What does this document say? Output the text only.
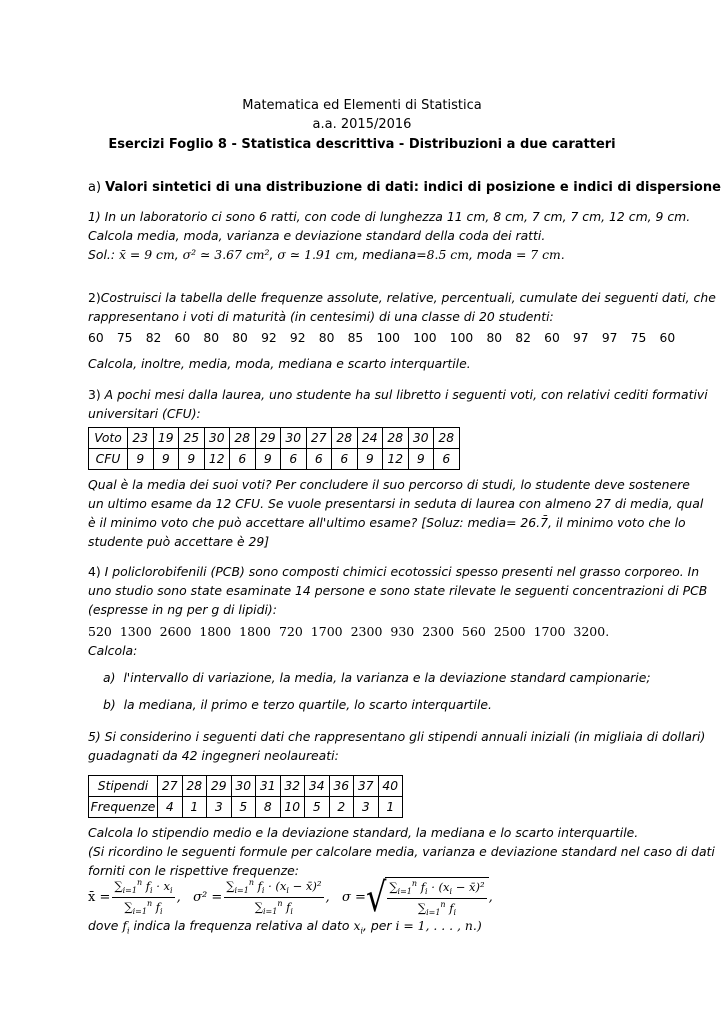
Matematica ed Elementi di Statistica
a.a. 2015/2016
Esercizi Foglio 8 - Statistica descrittiva - Distribuzioni a due caratteri
a) Valori sintetici di una distribuzione di dati: indici di posizione e indici di dispersione
1) In un laboratorio ci sono 6 ratti, con code di lunghezza 11 cm, 8 cm, 7 cm, 7 cm, 12 cm, 9 cm.
Calcola media, moda, varianza e deviazione standard della coda dei ratti.
Sol.: x̄ = 9 cm, σ² ≃ 3.67 cm², σ ≃ 1.91 cm, mediana=8.5 cm, moda = 7 cm.
2)Costruisci la tabella delle frequenze assolute, relative, percentuali, cumulate dei seguenti dati, che
rappresentano i voti di maturità (in centesimi) di una classe di 20 studenti:
60 75 82 60 80 80 92 92 80 85 100 100 100 80 82 60 97 97 75 60
Calcola, inoltre, media, moda, mediana e scarto interquartile.
3) A pochi mesi dalla laurea, uno studente ha sul libretto i seguenti voti, con relativi cediti formativi
universitari (CFU):
Voto	23	19	25	30	28	29	30	27	28	24	28	30	28
CFU	9	9	9	12	6	9	6	6	6	9	12	9	6
Qual è la media dei suoi voti? Per concludere il suo percorso di studi, lo studente deve sostenere
un ultimo esame da 12 CFU. Se vuole presentarsi in seduta di laurea con almeno 27 di media, qual
è il minimo voto che può accettare all'ultimo esame? [Soluz: media= 26.7̄, il minimo voto che lo
studente può accettare è 29]
4) I policlorobifenili (PCB) sono composti chimici ecotossici spesso presenti nel grasso corporeo. In
uno studio sono state esaminate 14 persone e sono state rilevate le seguenti concentrazioni di PCB
(espresse in ng per g di lipidi):
520 1300 2600 1800 1800 720 1700 2300 930 2300 560 2500 1700 3200.
Calcola:
a) l'intervallo di variazione, la media, la varianza e la deviazione standard campionarie;
b) la mediana, il primo e terzo quartile, lo scarto interquartile.
5) Si considerino i seguenti dati che rappresentano gli stipendi annuali iniziali (in migliaia di dollari)
guadagnati da 42 ingegneri neolaureati:
Stipendi	27	28	29	30	31	32	34	36	37	40
Frequenze	4	1	3	5	8	10	5	2	3	1
Calcola lo stipendio medio e la deviazione standard, la mediana e lo scarto interquartile.
(Si ricordino le seguenti formule per calcolare media, varianza e deviazione standard nel caso di dati
forniti con le rispettive frequenze:
x̄ = $\frac{\sum_{i=1}^n f_i \cdot x_i}{\sum_{i=1}^n f_i}$ ,   $\sigma^2 = \frac{\sum_{i=1}^n f_i \cdot (x_i - x̄)^2}{\sum_{i=1}^n f_i}$ ,   σ = √ $\frac{\sum_{i=1}^n f_i \cdot (x_i - x̄)^2}{\sum_{i=1}^n f_i}$ ,
dove $f_i$ indica la frequenza relativa al dato $x_i$, per i = 1, . . . , n.)
